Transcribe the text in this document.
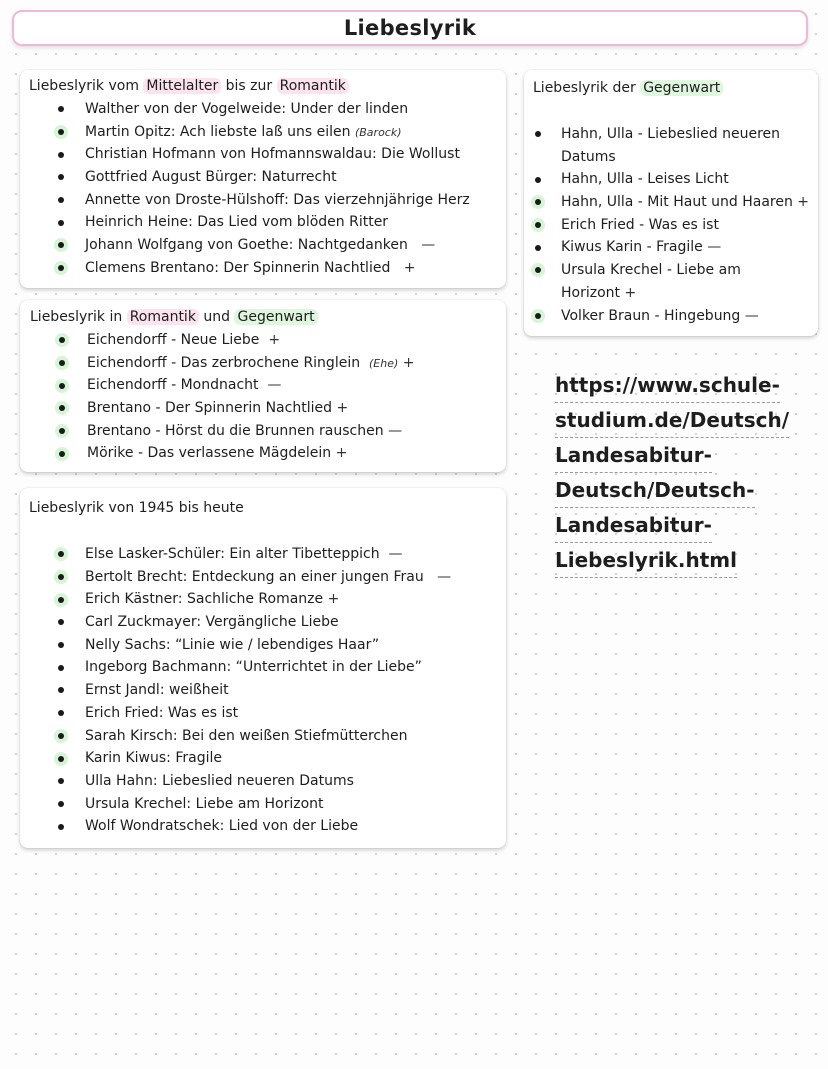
Liebeslyrik
Liebeslyrik vom Mittelalter bis zur Romantik
Walther von der Vogelweide: Under der linden
Martin Opitz: Ach liebste laß uns eilen (Barock)
Christian Hofmann von Hofmannswaldau: Die Wollust
Gottfried August Bürger: Naturrecht
Annette von Droste-Hülshoff: Das vierzehnjährige Herz
Heinrich Heine: Das Lied vom blöden Ritter
Johann Wolfgang von Goethe: Nachtgedanken —
Clemens Brentano: Der Spinnerin Nachtlied +
Liebeslyrik in Romantik und Gegenwart
Eichendorff - Neue Liebe +
Eichendorff - Das zerbrochene Ringlein (Ehe) +
Eichendorff - Mondnacht —
Brentano - Der Spinnerin Nachtlied +
Brentano - Hörst du die Brunnen rauschen —
Mörike - Das verlassene Mägdelein +
Liebeslyrik von 1945 bis heute
Else Lasker-Schüler: Ein alter Tibetteppich —
Bertolt Brecht: Entdeckung an einer jungen Frau —
Erich Kästner: Sachliche Romanze +
Carl Zuckmayer: Vergängliche Liebe
Nelly Sachs: “Linie wie / lebendiges Haar”
Ingeborg Bachmann: “Unterrichtet in der Liebe”
Ernst Jandl: weißheit
Erich Fried: Was es ist
Sarah Kirsch: Bei den weißen Stiefmütterchen
Karin Kiwus: Fragile
Ulla Hahn: Liebeslied neueren Datums
Ursula Krechel: Liebe am Horizont
Wolf Wondratschek: Lied von der Liebe
Liebeslyrik der Gegenwart
Hahn, Ulla - Liebeslied neueren
Datums
Hahn, Ulla - Leises Licht
Hahn, Ulla - Mit Haut und Haaren +
Erich Fried - Was es ist
Kiwus Karin - Fragile —
Ursula Krechel - Liebe am
Horizont +
Volker Braun - Hingebung —
https://www.schule-
studium.de/Deutsch/
Landesabitur-
Deutsch/Deutsch-
Landesabitur-
Liebeslyrik.html
